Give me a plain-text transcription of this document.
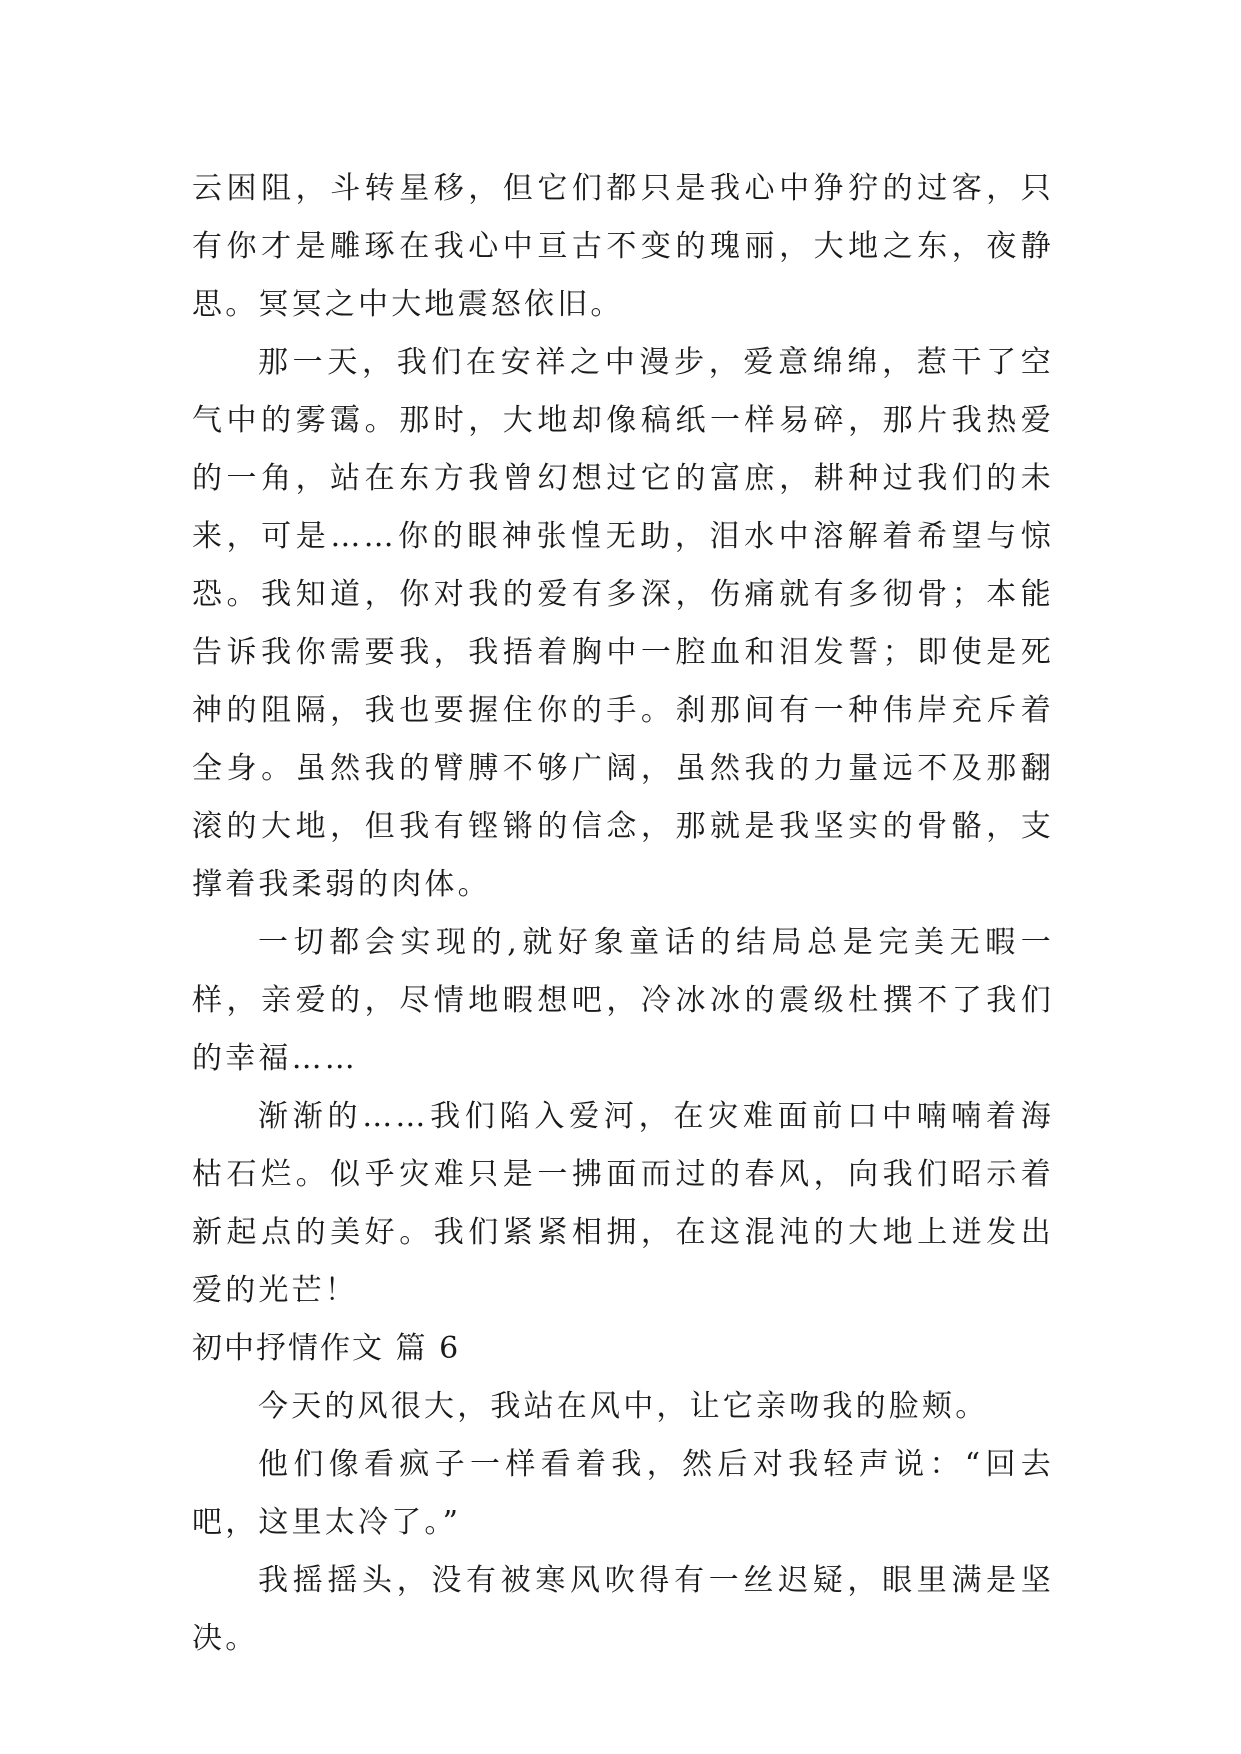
云困阻，斗转星移，但它们都只是我心中狰狞的过客，只有你才是雕琢在我心中亘古不变的瑰丽，大地之东，夜静思。冥冥之中大地震怒依旧。

那一天，我们在安祥之中漫步，爱意绵绵，惹干了空气中的雾霭。那时，大地却像稿纸一样易碎，那片我热爱的一角，站在东方我曾幻想过它的富庶，耕种过我们的未来，可是……你的眼神张惶无助，泪水中溶解着希望与惊恐。我知道，你对我的爱有多深，伤痛就有多彻骨；本能告诉我你需要我，我捂着胸中一腔血和泪发誓；即使是死神的阻隔，我也要握住你的手。刹那间有一种伟岸充斥着全身。虽然我的臂膊不够广阔，虽然我的力量远不及那翻滚的大地，但我有铿锵的信念，那就是我坚实的骨骼，支撑着我柔弱的肉体。

一切都会实现的,就好象童话的结局总是完美无暇一样，亲爱的，尽情地暇想吧，冷冰冰的震级杜撰不了我们的幸福……

渐渐的……我们陷入爱河，在灾难面前口中喃喃着海枯石烂。似乎灾难只是一拂面而过的春风，向我们昭示着新起点的美好。我们紧紧相拥，在这混沌的大地上迸发出爱的光芒！

初中抒情作文 篇 6

今天的风很大，我站在风中，让它亲吻我的脸颊。

他们像看疯子一样看着我，然后对我轻声说：“回去吧，这里太冷了。”

我摇摇头，没有被寒风吹得有一丝迟疑，眼里满是坚决。
